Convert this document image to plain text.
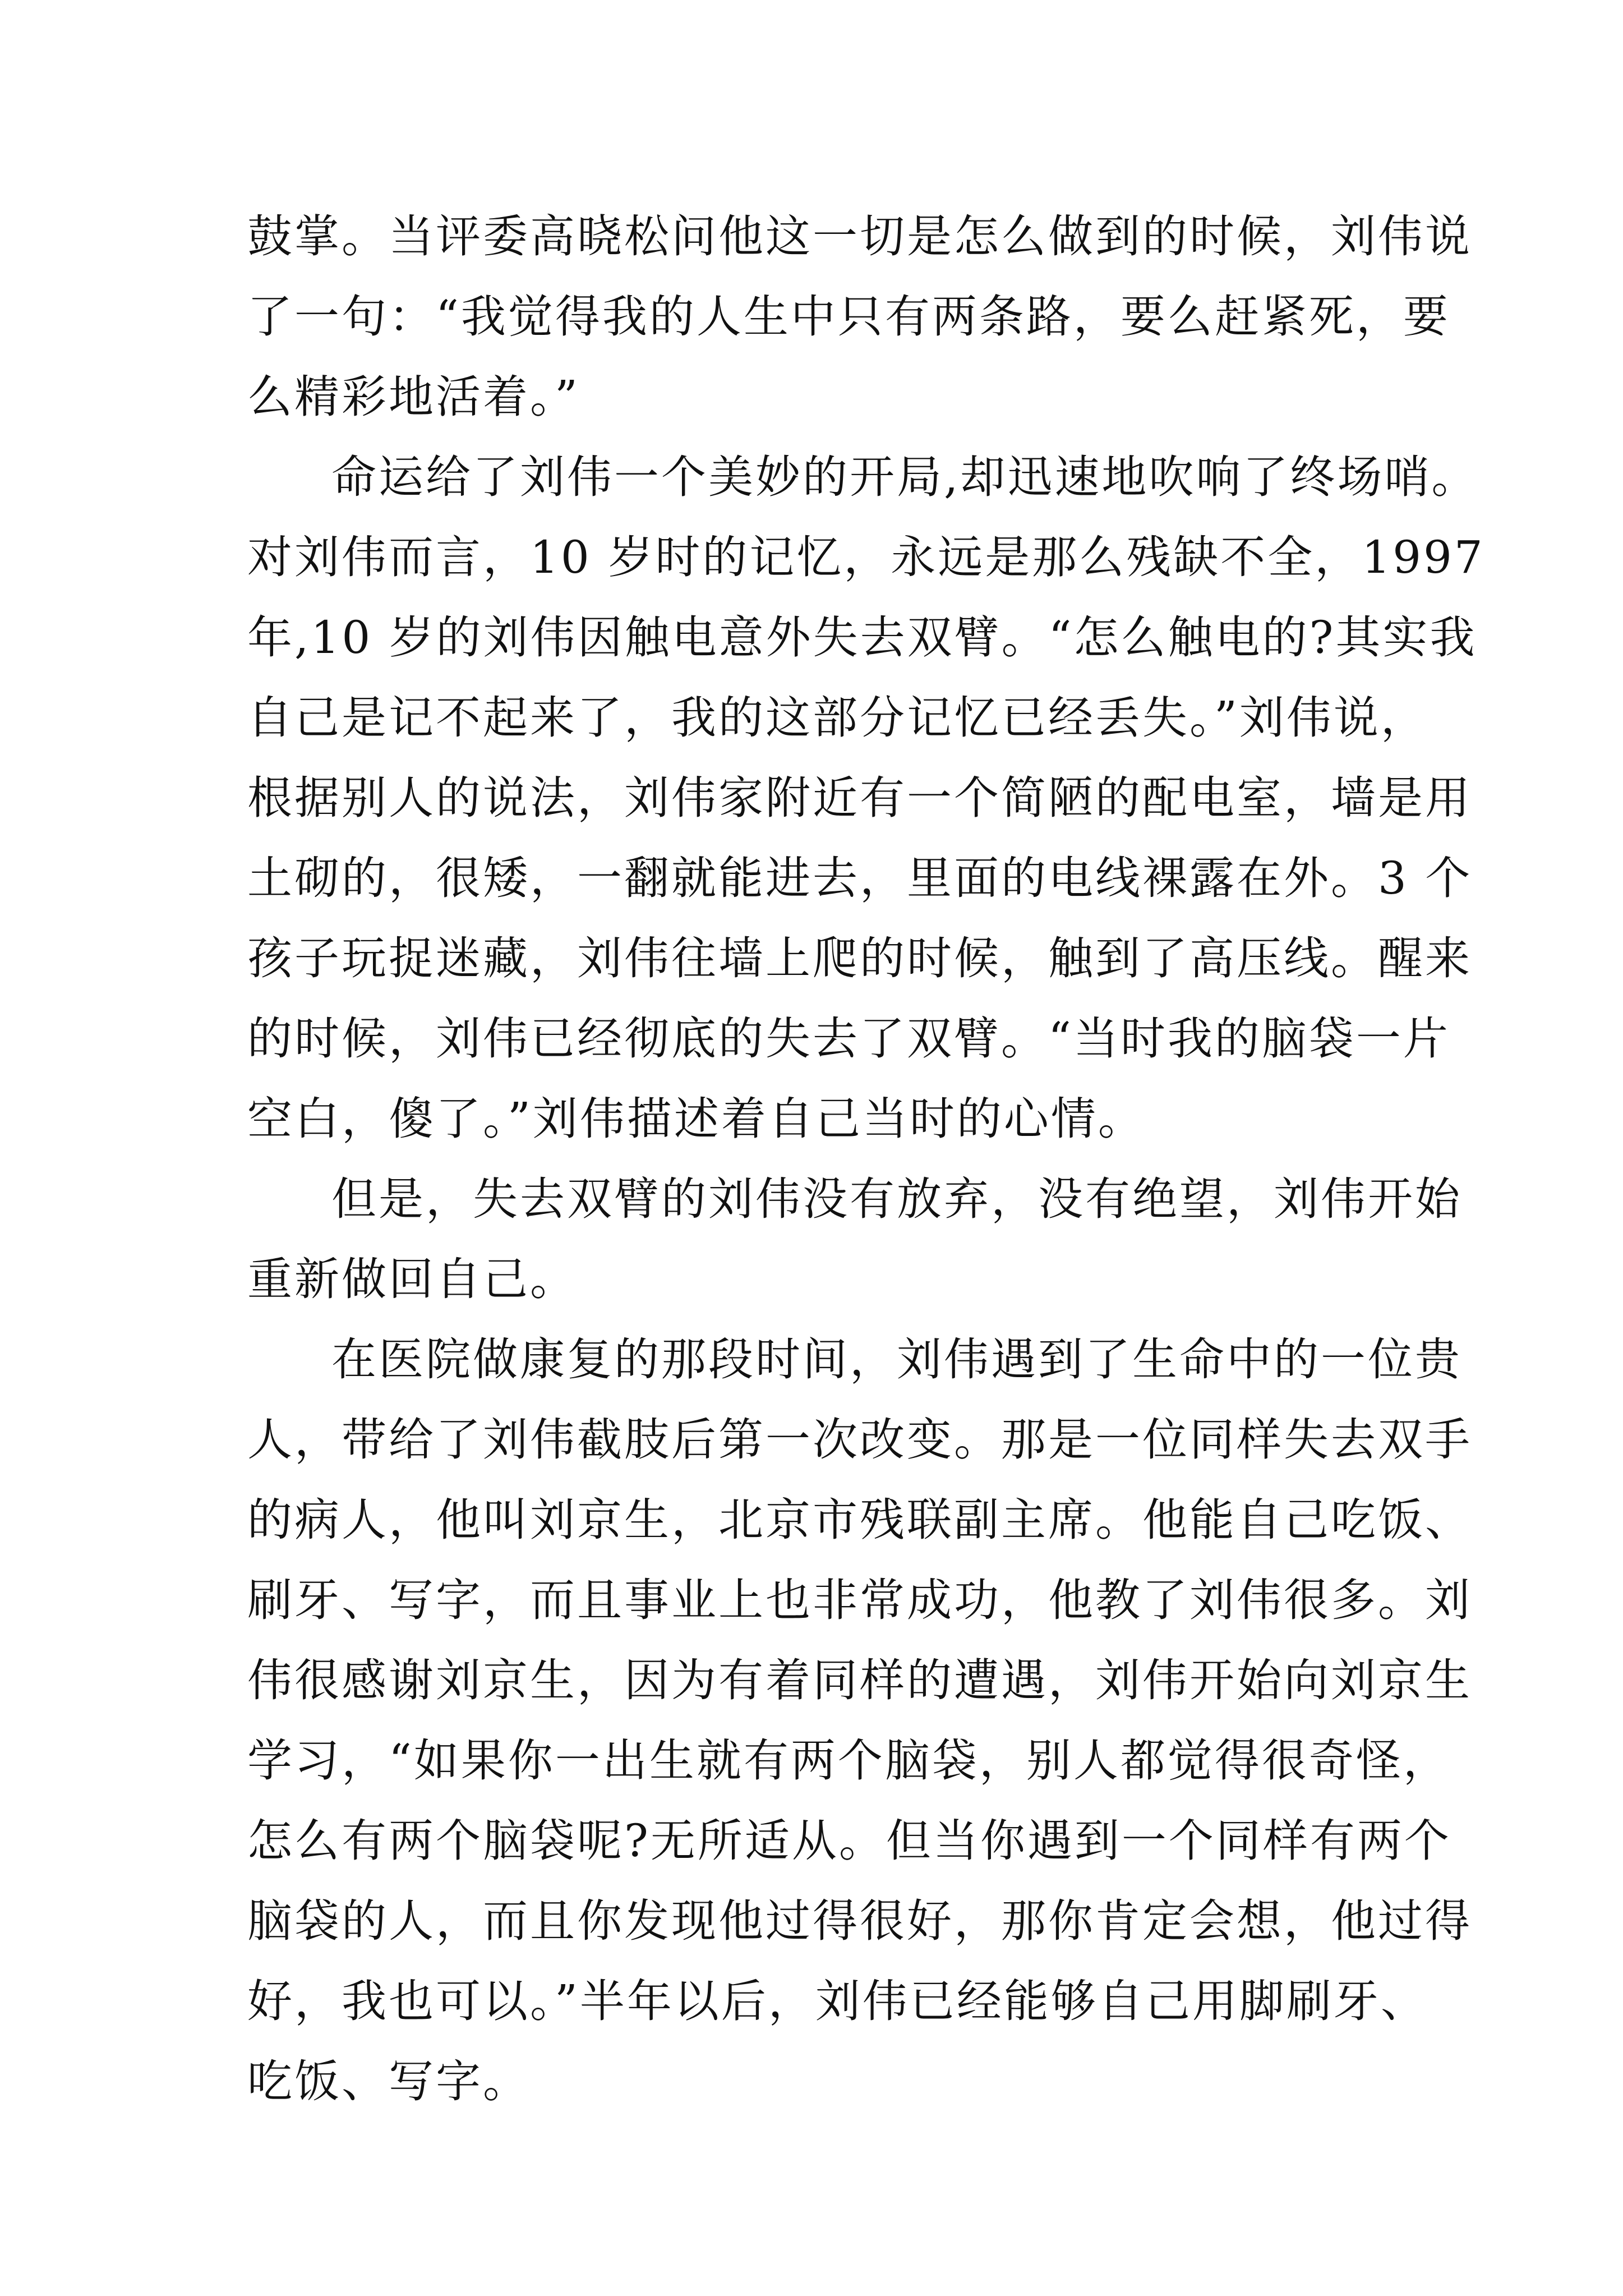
鼓掌。当评委高晓松问他这一切是怎么做到的时候，刘伟说
了一句：“我觉得我的人生中只有两条路，要么赶紧死，要
么精彩地活着。”
命运给了刘伟一个美妙的开局,却迅速地吹响了终场哨。
对刘伟而言，10 岁时的记忆，永远是那么残缺不全，1997
年,10 岁的刘伟因触电意外失去双臂。“怎么触电的?其实我
自己是记不起来了，我的这部分记忆已经丢失。”刘伟说，
根据别人的说法，刘伟家附近有一个简陋的配电室，墙是用
土砌的，很矮，一翻就能进去，里面的电线裸露在外。3 个
孩子玩捉迷藏，刘伟往墙上爬的时候，触到了高压线。醒来
的时候，刘伟已经彻底的失去了双臂。“当时我的脑袋一片
空白，傻了。”刘伟描述着自己当时的心情。
但是，失去双臂的刘伟没有放弃，没有绝望，刘伟开始
重新做回自己。
在医院做康复的那段时间，刘伟遇到了生命中的一位贵
人，带给了刘伟截肢后第一次改变。那是一位同样失去双手
的病人，他叫刘京生，北京市残联副主席。他能自己吃饭、
刷牙、写字，而且事业上也非常成功，他教了刘伟很多。刘
伟很感谢刘京生，因为有着同样的遭遇，刘伟开始向刘京生
学习，“如果你一出生就有两个脑袋，别人都觉得很奇怪，
怎么有两个脑袋呢?无所适从。但当你遇到一个同样有两个
脑袋的人，而且你发现他过得很好，那你肯定会想，他过得
好，我也可以。”半年以后，刘伟已经能够自己用脚刷牙、
吃饭、写字。
